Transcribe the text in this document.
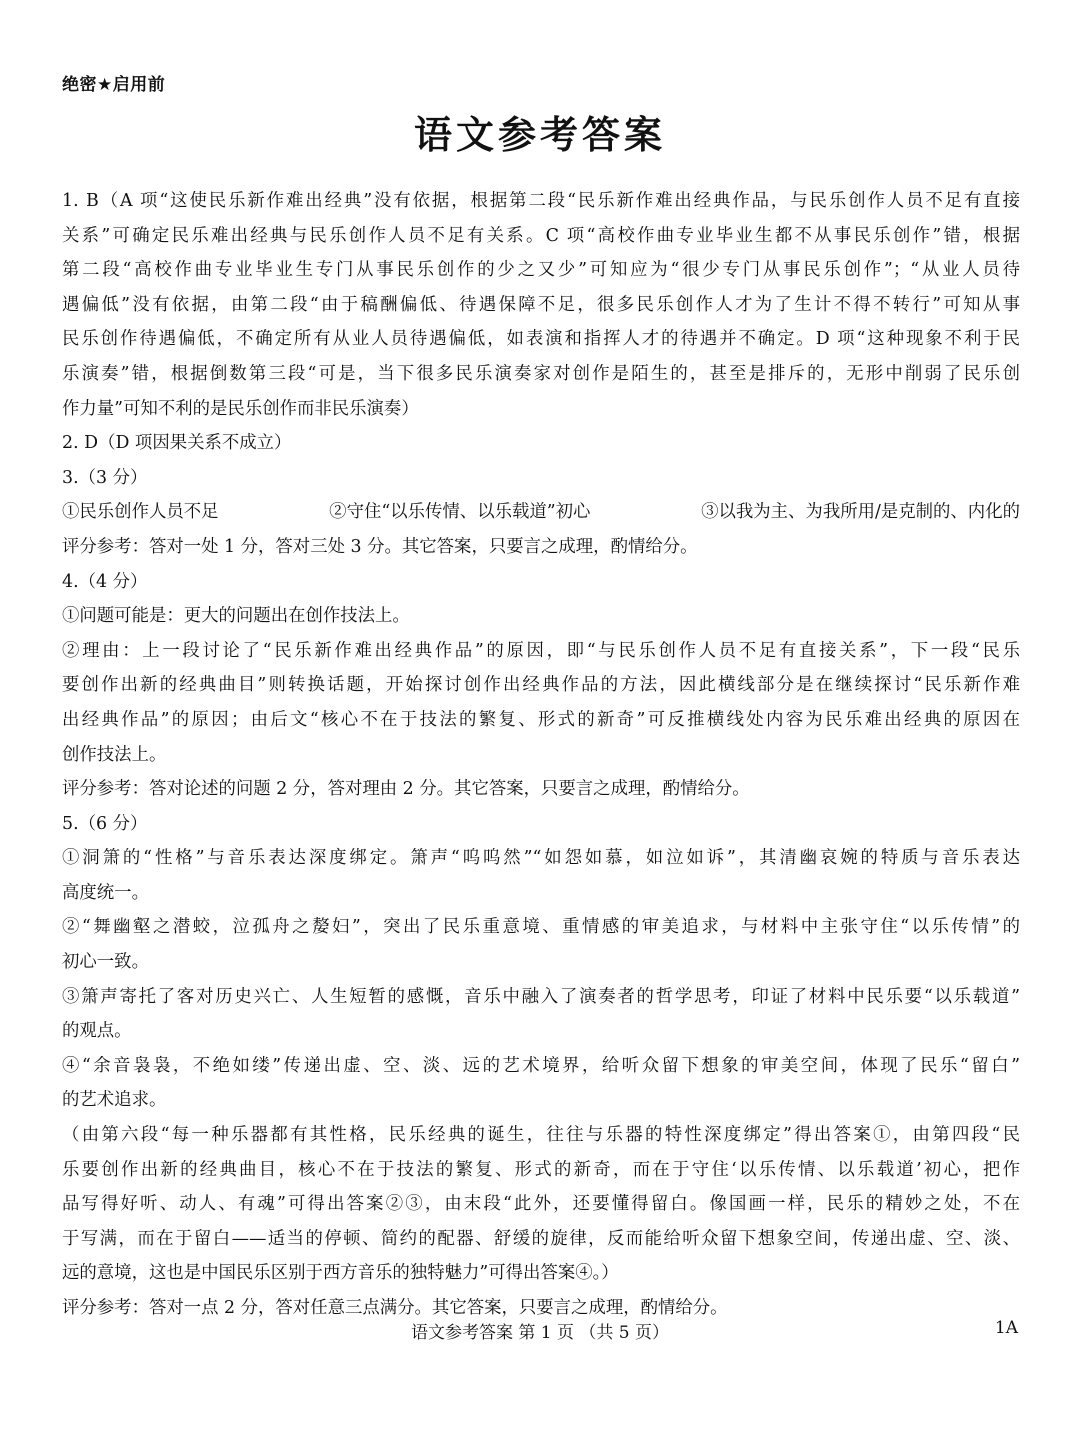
绝密★启用前
语文参考答案
1. B（A 项“这使民乐新作难出经典”没有依据，根据第二段“民乐新作难出经典作品，与民乐创作人员不足有直接
关系”可确定民乐难出经典与民乐创作人员不足有关系。C 项“高校作曲专业毕业生都不从事民乐创作”错，根据
第二段“高校作曲专业毕业生专门从事民乐创作的少之又少”可知应为“很少专门从事民乐创作”；“从业人员待
遇偏低”没有依据，由第二段“由于稿酬偏低、待遇保障不足，很多民乐创作人才为了生计不得不转行”可知从事
民乐创作待遇偏低，不确定所有从业人员待遇偏低，如表演和指挥人才的待遇并不确定。D 项“这种现象不利于民
乐演奏”错，根据倒数第三段“可是，当下很多民乐演奏家对创作是陌生的，甚至是排斥的，无形中削弱了民乐创
作力量”可知不利的是民乐创作而非民乐演奏）
2. D（D 项因果关系不成立）
3.（3 分）
①民乐创作人员不足	②守住“以乐传情、以乐载道”初心	③以我为主、为我所用/是克制的、内化的
评分参考：答对一处 1 分，答对三处 3 分。其它答案，只要言之成理，酌情给分。
4.（4 分）
①问题可能是：更大的问题出在创作技法上。
②理由：上一段讨论了“民乐新作难出经典作品”的原因，即“与民乐创作人员不足有直接关系”，下一段“民乐
要创作出新的经典曲目”则转换话题，开始探讨创作出经典作品的方法，因此横线部分是在继续探讨“民乐新作难
出经典作品”的原因；由后文“核心不在于技法的繁复、形式的新奇”可反推横线处内容为民乐难出经典的原因在
创作技法上。
评分参考：答对论述的问题 2 分，答对理由 2 分。其它答案，只要言之成理，酌情给分。
5.（6 分）
①洞箫的“性格”与音乐表达深度绑定。箫声“呜呜然”“如怨如慕，如泣如诉”，其清幽哀婉的特质与音乐表达
高度统一。
②“舞幽壑之潜蛟，泣孤舟之嫠妇”，突出了民乐重意境、重情感的审美追求，与材料中主张守住“以乐传情”的
初心一致。
③箫声寄托了客对历史兴亡、人生短暂的感慨，音乐中融入了演奏者的哲学思考，印证了材料中民乐要“以乐载道”
的观点。
④“余音袅袅，不绝如缕”传递出虚、空、淡、远的艺术境界，给听众留下想象的审美空间，体现了民乐“留白”
的艺术追求。
（由第六段“每一种乐器都有其性格，民乐经典的诞生，往往与乐器的特性深度绑定”得出答案①，由第四段“民
乐要创作出新的经典曲目，核心不在于技法的繁复、形式的新奇，而在于守住‘以乐传情、以乐载道’初心，把作
品写得好听、动人、有魂”可得出答案②③，由末段“此外，还要懂得留白。像国画一样，民乐的精妙之处，不在
于写满，而在于留白——适当的停顿、简约的配器、舒缓的旋律，反而能给听众留下想象空间，传递出虚、空、淡、
远的意境，这也是中国民乐区别于西方音乐的独特魅力”可得出答案④。）
评分参考：答对一点 2 分，答对任意三点满分。其它答案，只要言之成理，酌情给分。
语文参考答案 第 1 页 （共 5 页）	1A
